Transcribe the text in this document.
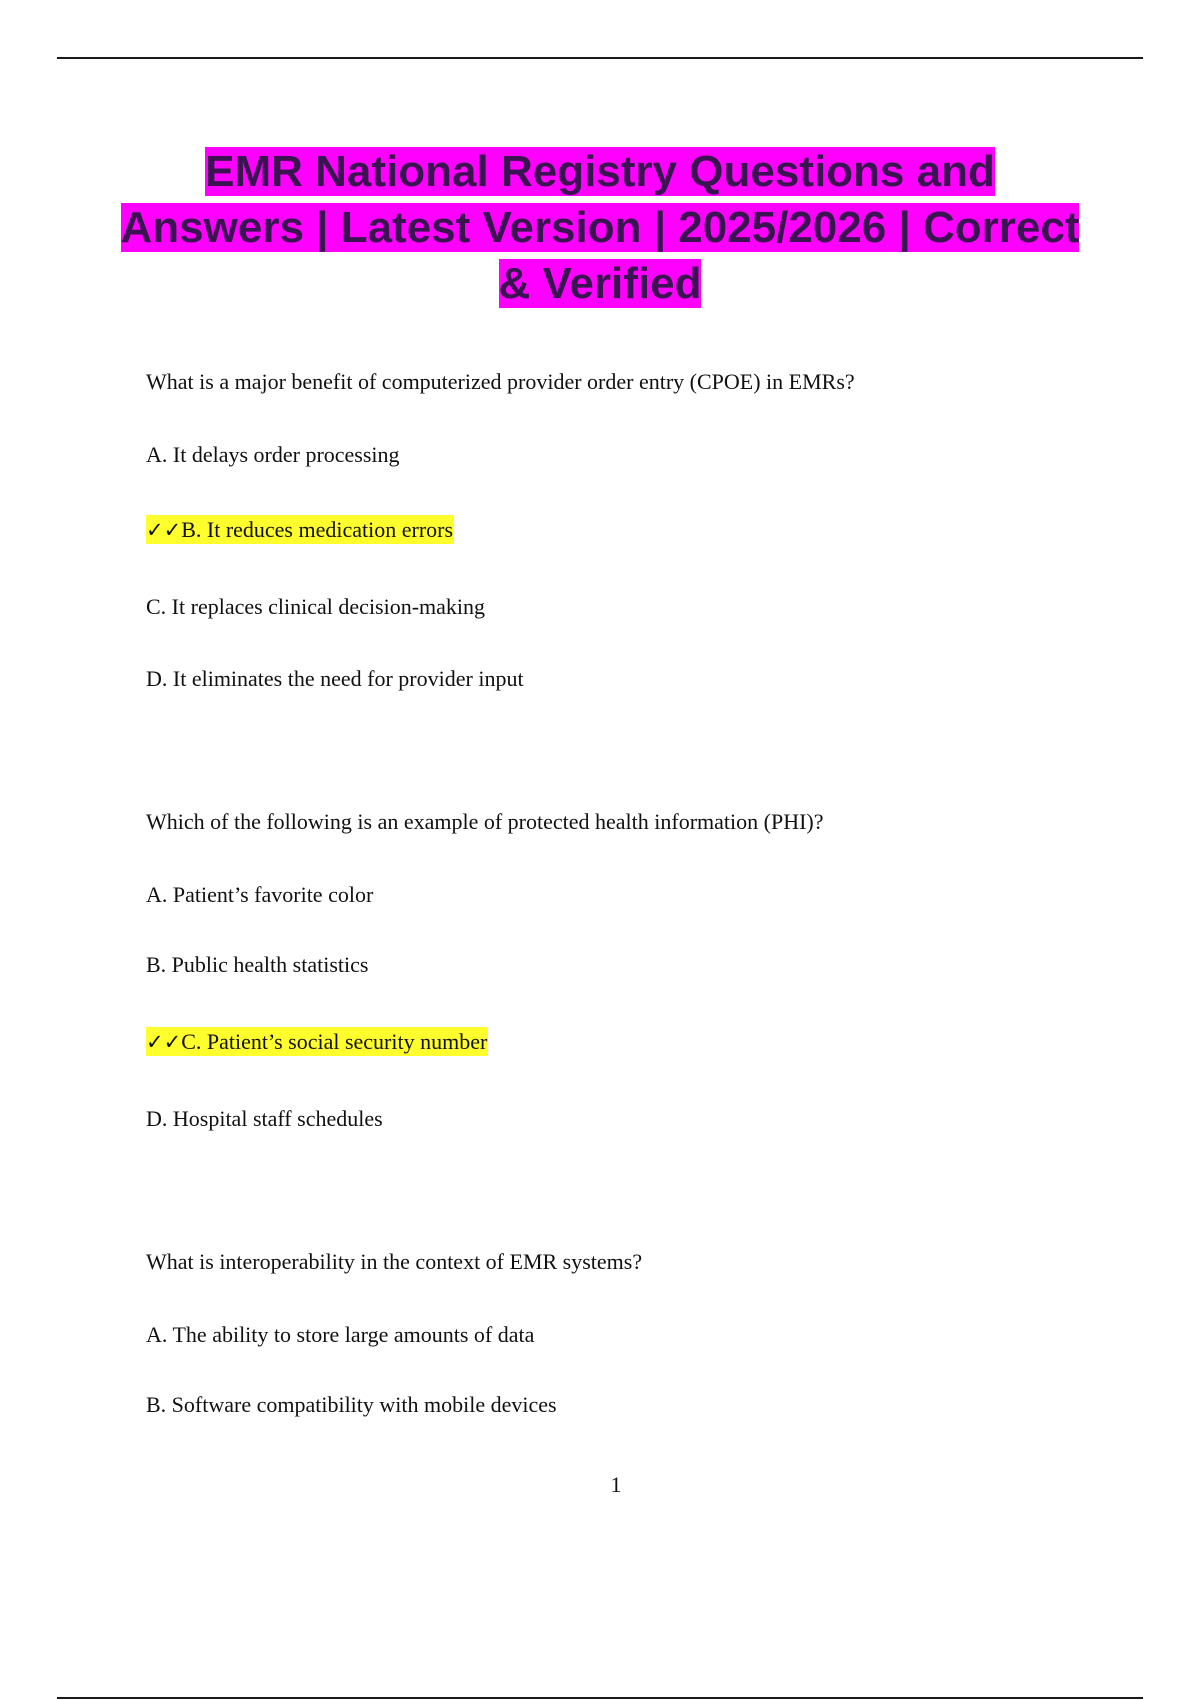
EMR National Registry Questions and Answers | Latest Version | 2025/2026 | Correct & Verified
What is a major benefit of computerized provider order entry (CPOE) in EMRs?
A. It delays order processing
✓✓B. It reduces medication errors
C. It replaces clinical decision-making
D. It eliminates the need for provider input
Which of the following is an example of protected health information (PHI)?
A. Patient’s favorite color
B. Public health statistics
✓✓C. Patient’s social security number
D. Hospital staff schedules
What is interoperability in the context of EMR systems?
A. The ability to store large amounts of data
B. Software compatibility with mobile devices
1
